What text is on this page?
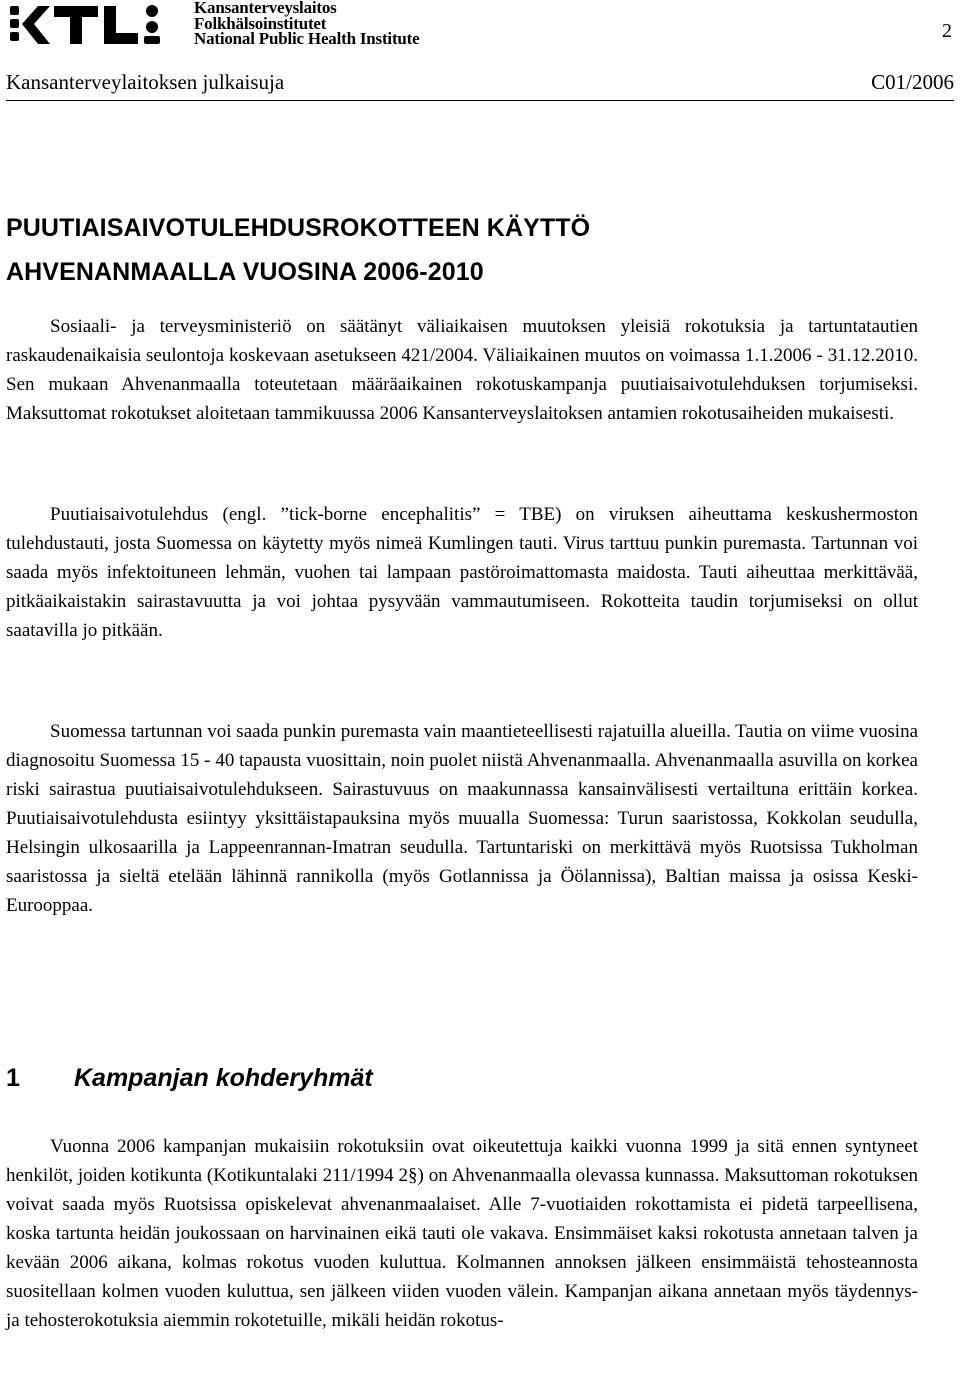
Kansanterveyslaitos
Folkhälsoinstitutet
National Public Health Institute	2
Kansanterveylaitoksen julkaisuja	C01/2006
PUUTIAISAIVOTULEHDUSROKOTTEEN KÄYTTÖ
AHVENANMAALLA VUOSINA 2006-2010

Sosiaali- ja terveysministeriö on säätänyt väliaikaisen muutoksen yleisiä rokotuksia ja tartuntatautien raskaudenaikaisia seulontoja koskevaan asetukseen 421/2004. Väliaikainen muutos on voimassa 1.1.2006 - 31.12.2010. Sen mukaan Ahvenanmaalla toteutetaan määräaikainen rokotuskampanja puutiaisaivotulehduksen torjumiseksi. Maksuttomat rokotukset aloitetaan tammikuussa 2006 Kansanterveyslaitoksen antamien rokotusaiheiden mukaisesti.

Puutiaisaivotulehdus (engl. ”tick-borne encephalitis” = TBE) on viruksen aiheuttama keskushermoston tulehdustauti, josta Suomessa on käytetty myös nimeä Kumlingen tauti. Virus tarttuu punkin puremasta. Tartunnan voi saada myös infektoituneen lehmän, vuohen tai lampaan pastöroimattomasta maidosta. Tauti aiheuttaa merkittävää, pitkäaikaistakin sairastavuutta ja voi johtaa pysyvään vammautumiseen. Rokotteita taudin torjumiseksi on ollut saatavilla jo pitkään.

Suomessa tartunnan voi saada punkin puremasta vain maantieteellisesti rajatuilla alueilla. Tautia on viime vuosina diagnosoitu Suomessa 15 - 40 tapausta vuosittain, noin puolet niistä Ahvenanmaalla. Ahvenanmaalla asuvilla on korkea riski sairastua puutiaisaivotulehdukseen. Sairastuvuus on maakunnassa kansainvälisesti vertailtuna erittäin korkea. Puutiaisaivotulehdusta esiintyy yksittäistapauksina myös muualla Suomessa: Turun saaristossa, Kokkolan seudulla, Helsingin ulkosaarilla ja Lappeenrannan-Imatran seudulla. Tartuntariski on merkittävä myös Ruotsissa Tukholman saaristossa ja sieltä etelään lähinnä rannikolla (myös Gotlannissa ja Öölannissa), Baltian maissa ja osissa Keski-Eurooppaa.

1 Kampanjan kohderyhmät

Vuonna 2006 kampanjan mukaisiin rokotuksiin ovat oikeutettuja kaikki vuonna 1999 ja sitä ennen syntyneet henkilöt, joiden kotikunta (Kotikuntalaki 211/1994 2§) on Ahvenanmaalla olevassa kunnassa. Maksuttoman rokotuksen voivat saada myös Ruotsissa opiskelevat ahvenanmaalaiset. Alle 7-vuotiaiden rokottamista ei pidetä tarpeellisena, koska tartunta heidän joukossaan on harvinainen eikä tauti ole vakava. Ensimmäiset kaksi rokotusta annetaan talven ja kevään 2006 aikana, kolmas rokotus vuoden kuluttua. Kolmannen annoksen jälkeen ensimmäistä tehosteannosta suositellaan kolmen vuoden kuluttua, sen jälkeen viiden vuoden välein. Kampanjan aikana annetaan myös täydennys- ja tehosterokotuksia aiemmin rokotetuille, mikäli heidän rokotus-
